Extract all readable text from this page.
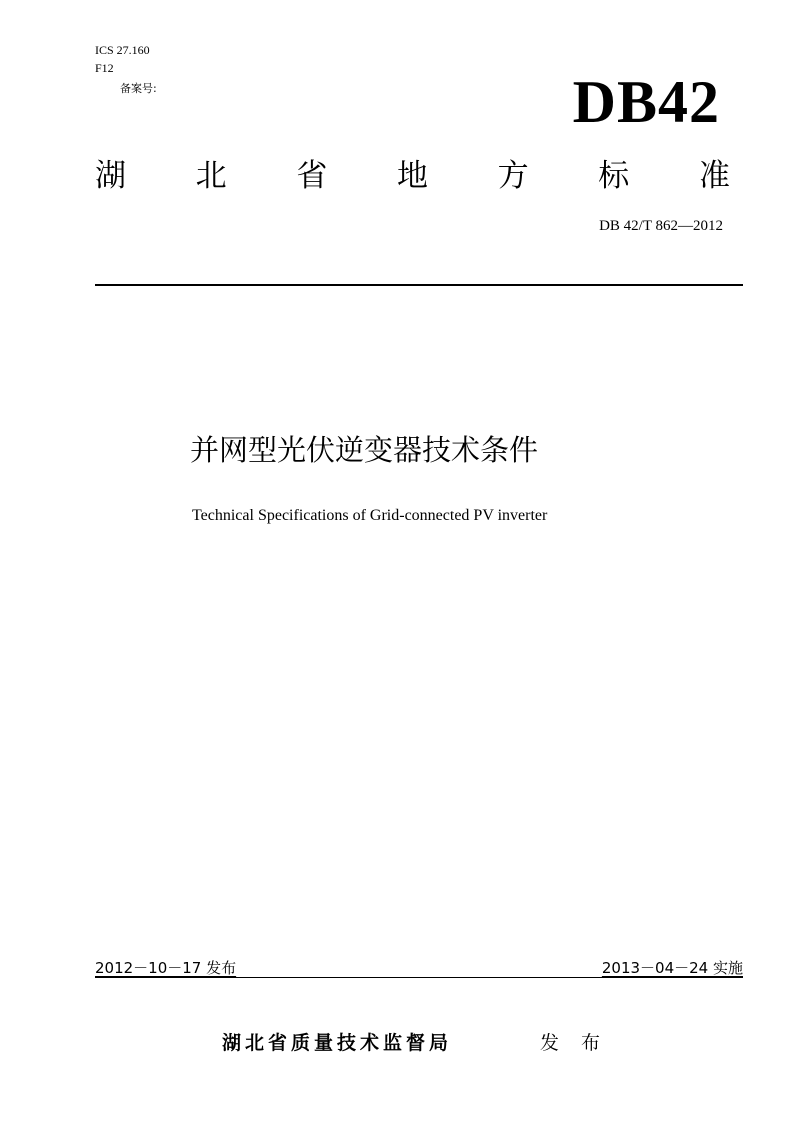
ICS 27.160
F12
备案号:	DB42
湖 北 省 地 方 标 准
DB 42/T 862—2012
并网型光伏逆变器技术条件
Technical Specifications of Grid-connected PV inverter
2012－10－17 发布	2013－04－24 实施
湖北省质量技术监督局	发 布
